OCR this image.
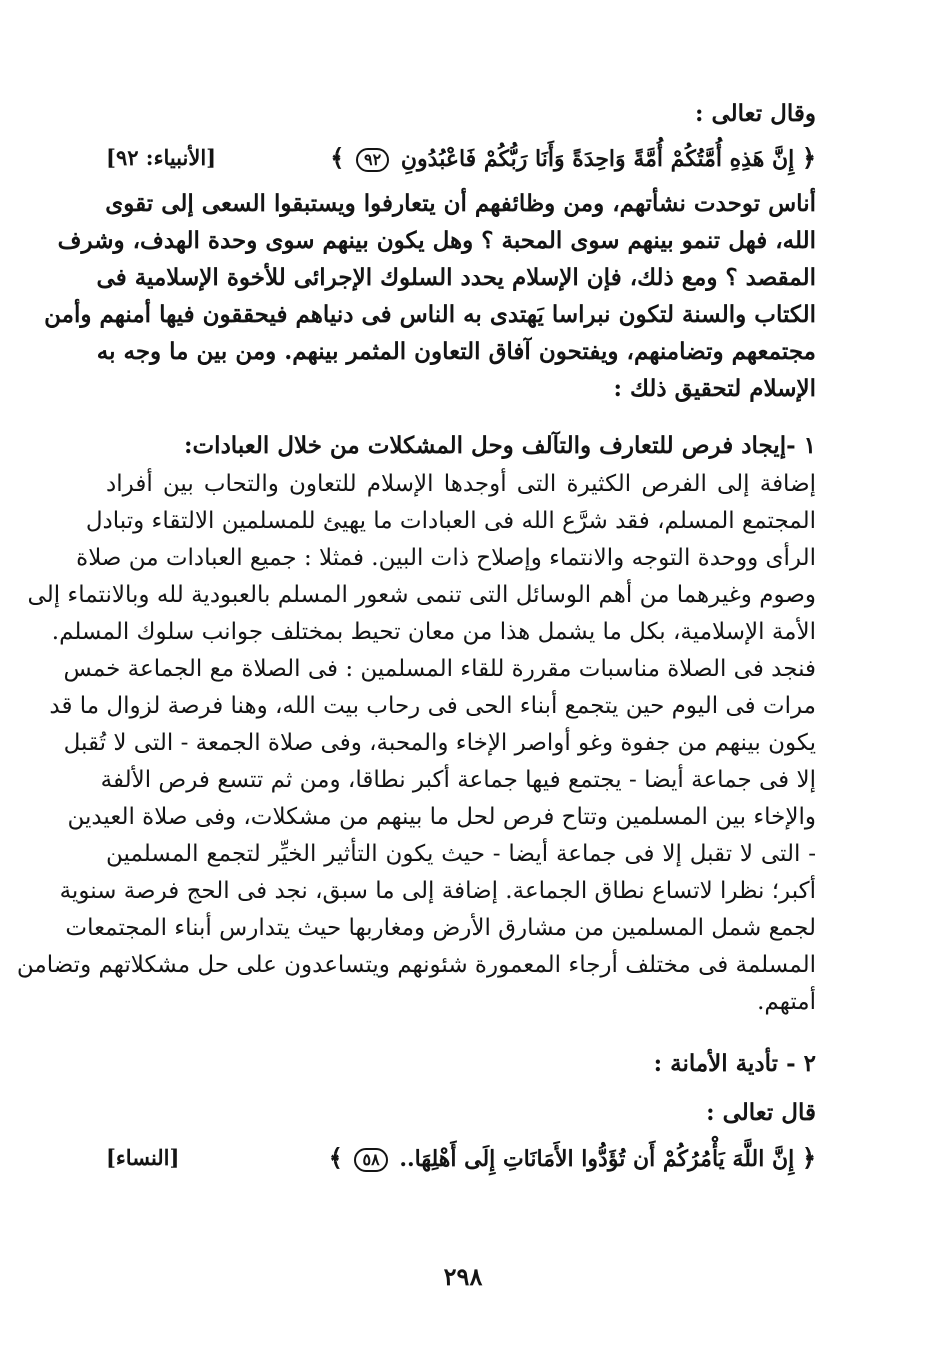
وقال تعالى :
﴿ إِنَّ هَذِهِ أُمَّتُكُمْ أُمَّةً وَاحِدَةً وَأَنَا رَبُّكُمْ فَاعْبُدُونِ ٩٢ ﴾
[الأنبياء: ٩٢]
أناس توحدت نشأتهم، ومن وظائفهم أن يتعارفوا ويستبقوا السعى إلى تقوى
الله، فهل تنمو بينهم سوى المحبة ؟ وهل يكون بينهم سوى وحدة الهدف، وشرف
المقصد ؟ ومع ذلك، فإن الإسلام يحدد السلوك الإجرائى للأخوة الإسلامية فى
الكتاب والسنة لتكون نبراسا يَهتدى به الناس فى دنياهم فيحققون فيها أمنهم وأمن
مجتمعهم وتضامنهم، ويفتحون آفاق التعاون المثمر بينهم. ومن بين ما وجه به
الإسلام لتحقيق ذلك :
١ -إيجاد فرص للتعارف والتآلف وحل المشكلات من خلال العبادات:
إضافة إلى الفرص الكثيرة التى أوجدها الإسلام للتعاون والتحاب بين أفراد
المجتمع المسلم، فقد شرَّع الله فى العبادات ما يهيئ للمسلمين الالتقاء وتبادل
الرأى ووحدة التوجه والانتماء وإصلاح ذات البين. فمثلا : جميع العبادات من صلاة
وصوم وغيرهما من أهم الوسائل التى تنمى شعور المسلم بالعبودية لله وبالانتماء إلى
الأمة الإسلامية، بكل ما يشمل هذا من معان تحيط بمختلف جوانب سلوك المسلم.
فنجد فى الصلاة مناسبات مقررة للقاء المسلمين : فى الصلاة مع الجماعة خمس
مرات فى اليوم حين يتجمع أبناء الحى فى رحاب بيت الله، وهنا فرصة لزوال ما قد
يكون بينهم من جفوة وغو أواصر الإخاء والمحبة، وفى صلاة الجمعة - التى لا تُقبل
إلا فى جماعة أيضا - يجتمع فيها جماعة أكبر نطاقا، ومن ثم تتسع فرص الألفة
والإخاء بين المسلمين وتتاح فرص لحل ما بينهم من مشكلات، وفى صلاة العيدين
- التى لا تقبل إلا فى جماعة أيضا - حيث يكون التأثير الخيِّر لتجمع المسلمين
أكبر؛ نظرا لاتساع نطاق الجماعة. إضافة إلى ما سبق، نجد فى الحج فرصة سنوية
لجمع شمل المسلمين من مشارق الأرض ومغاربها حيث يتدارس أبناء المجتمعات
المسلمة فى مختلف أرجاء المعمورة شئونهم ويتساعدون على حل مشكلاتهم وتضامن
أمتهم.
٢ - تأدية الأمانة :
قال تعالى :
﴿ إِنَّ اللَّهَ يَأْمُرُكُمْ أَن تُؤَدُّوا الأَمَانَاتِ إِلَى أَهْلِهَا.. ٥٨ ﴾
[النساء]
٢٩٨
